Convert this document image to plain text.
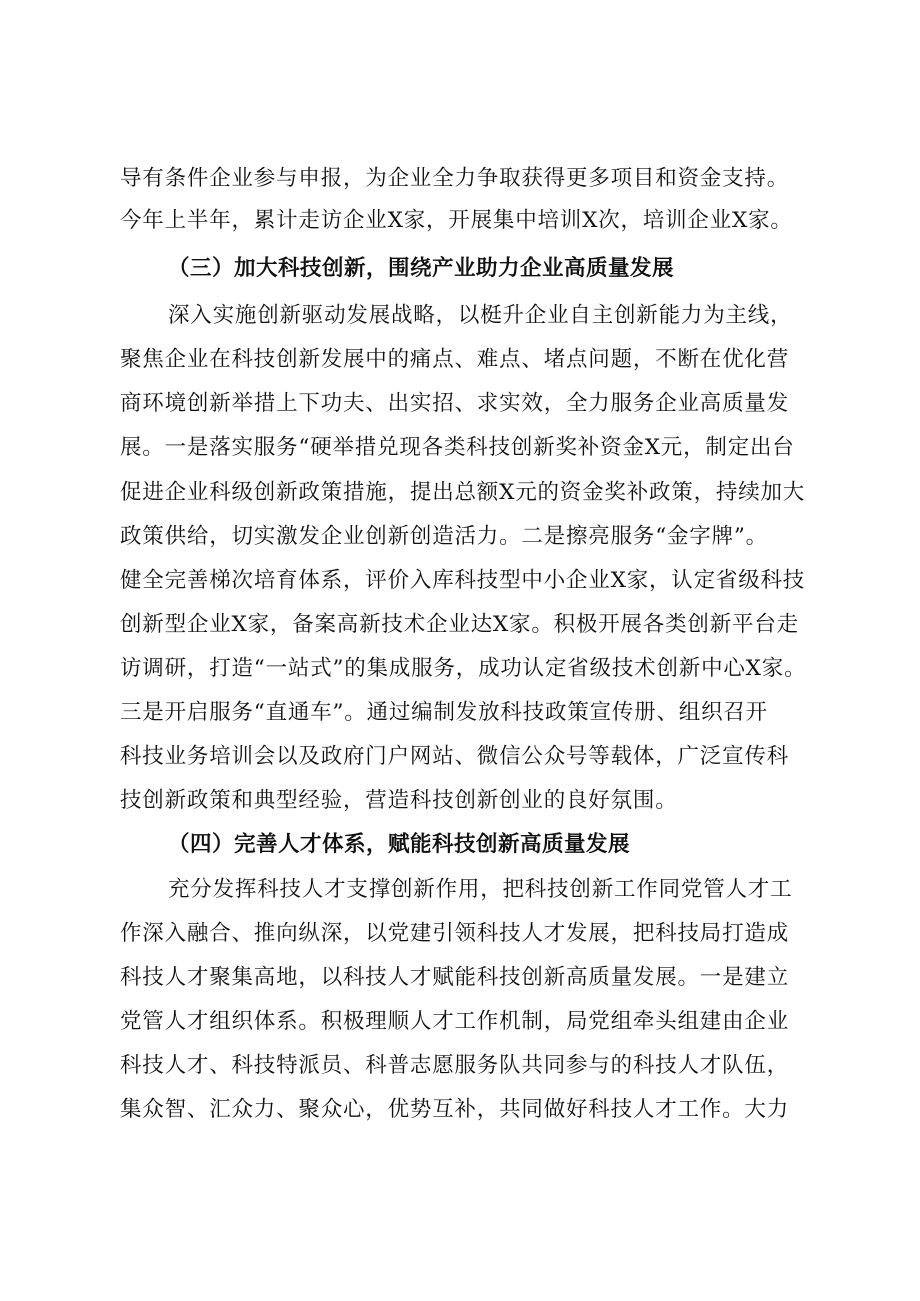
导有条件企业参与申报，为企业全力争取获得更多项目和资金支持。
今年上半年，累计走访企业X家，开展集中培训X次，培训企业X家。
（三）加大科技创新，围绕产业助力企业高质量发展
深入实施创新驱动发展战略，以梃升企业自主创新能力为主线，
聚焦企业在科技创新发展中的痛点、难点、堵点问题，不断在优化营
商环境创新举措上下功夫、出实招、求实效，全力服务企业高质量发
展。一是落实服务“硬举措兑现各类科技创新奖补资金X元，制定出台
促进企业科级创新政策措施，提出总额X元的资金奖补政策，持续加大
政策供给，切实激发企业创新创造活力。二是擦亮服务“金字牌”。
健全完善梯次培育体系，评价入库科技型中小企业X家，认定省级科技
创新型企业X家，备案高新技术企业达X家。积极开展各类创新平台走
访调研，打造“一站式”的集成服务，成功认定省级技术创新中心X家。
三是开启服务“直通车”。通过编制发放科技政策宣传册、组织召开
科技业务培训会以及政府门户网站、微信公众号等载体，广泛宣传科
技创新政策和典型经验，营造科技创新创业的良好氛围。
（四）完善人才体系，赋能科技创新高质量发展
充分发挥科技人才支撑创新作用，把科技创新工作同党管人才工
作深入融合、推向纵深，以党建引领科技人才发展，把科技局打造成
科技人才聚集高地，以科技人才赋能科技创新高质量发展。一是建立
党管人才组织体系。积极理顺人才工作机制，局党组牵头组建由企业
科技人才、科技特派员、科普志愿服务队共同参与的科技人才队伍，
集众智、汇众力、聚众心，优势互补，共同做好科技人才工作。大力
